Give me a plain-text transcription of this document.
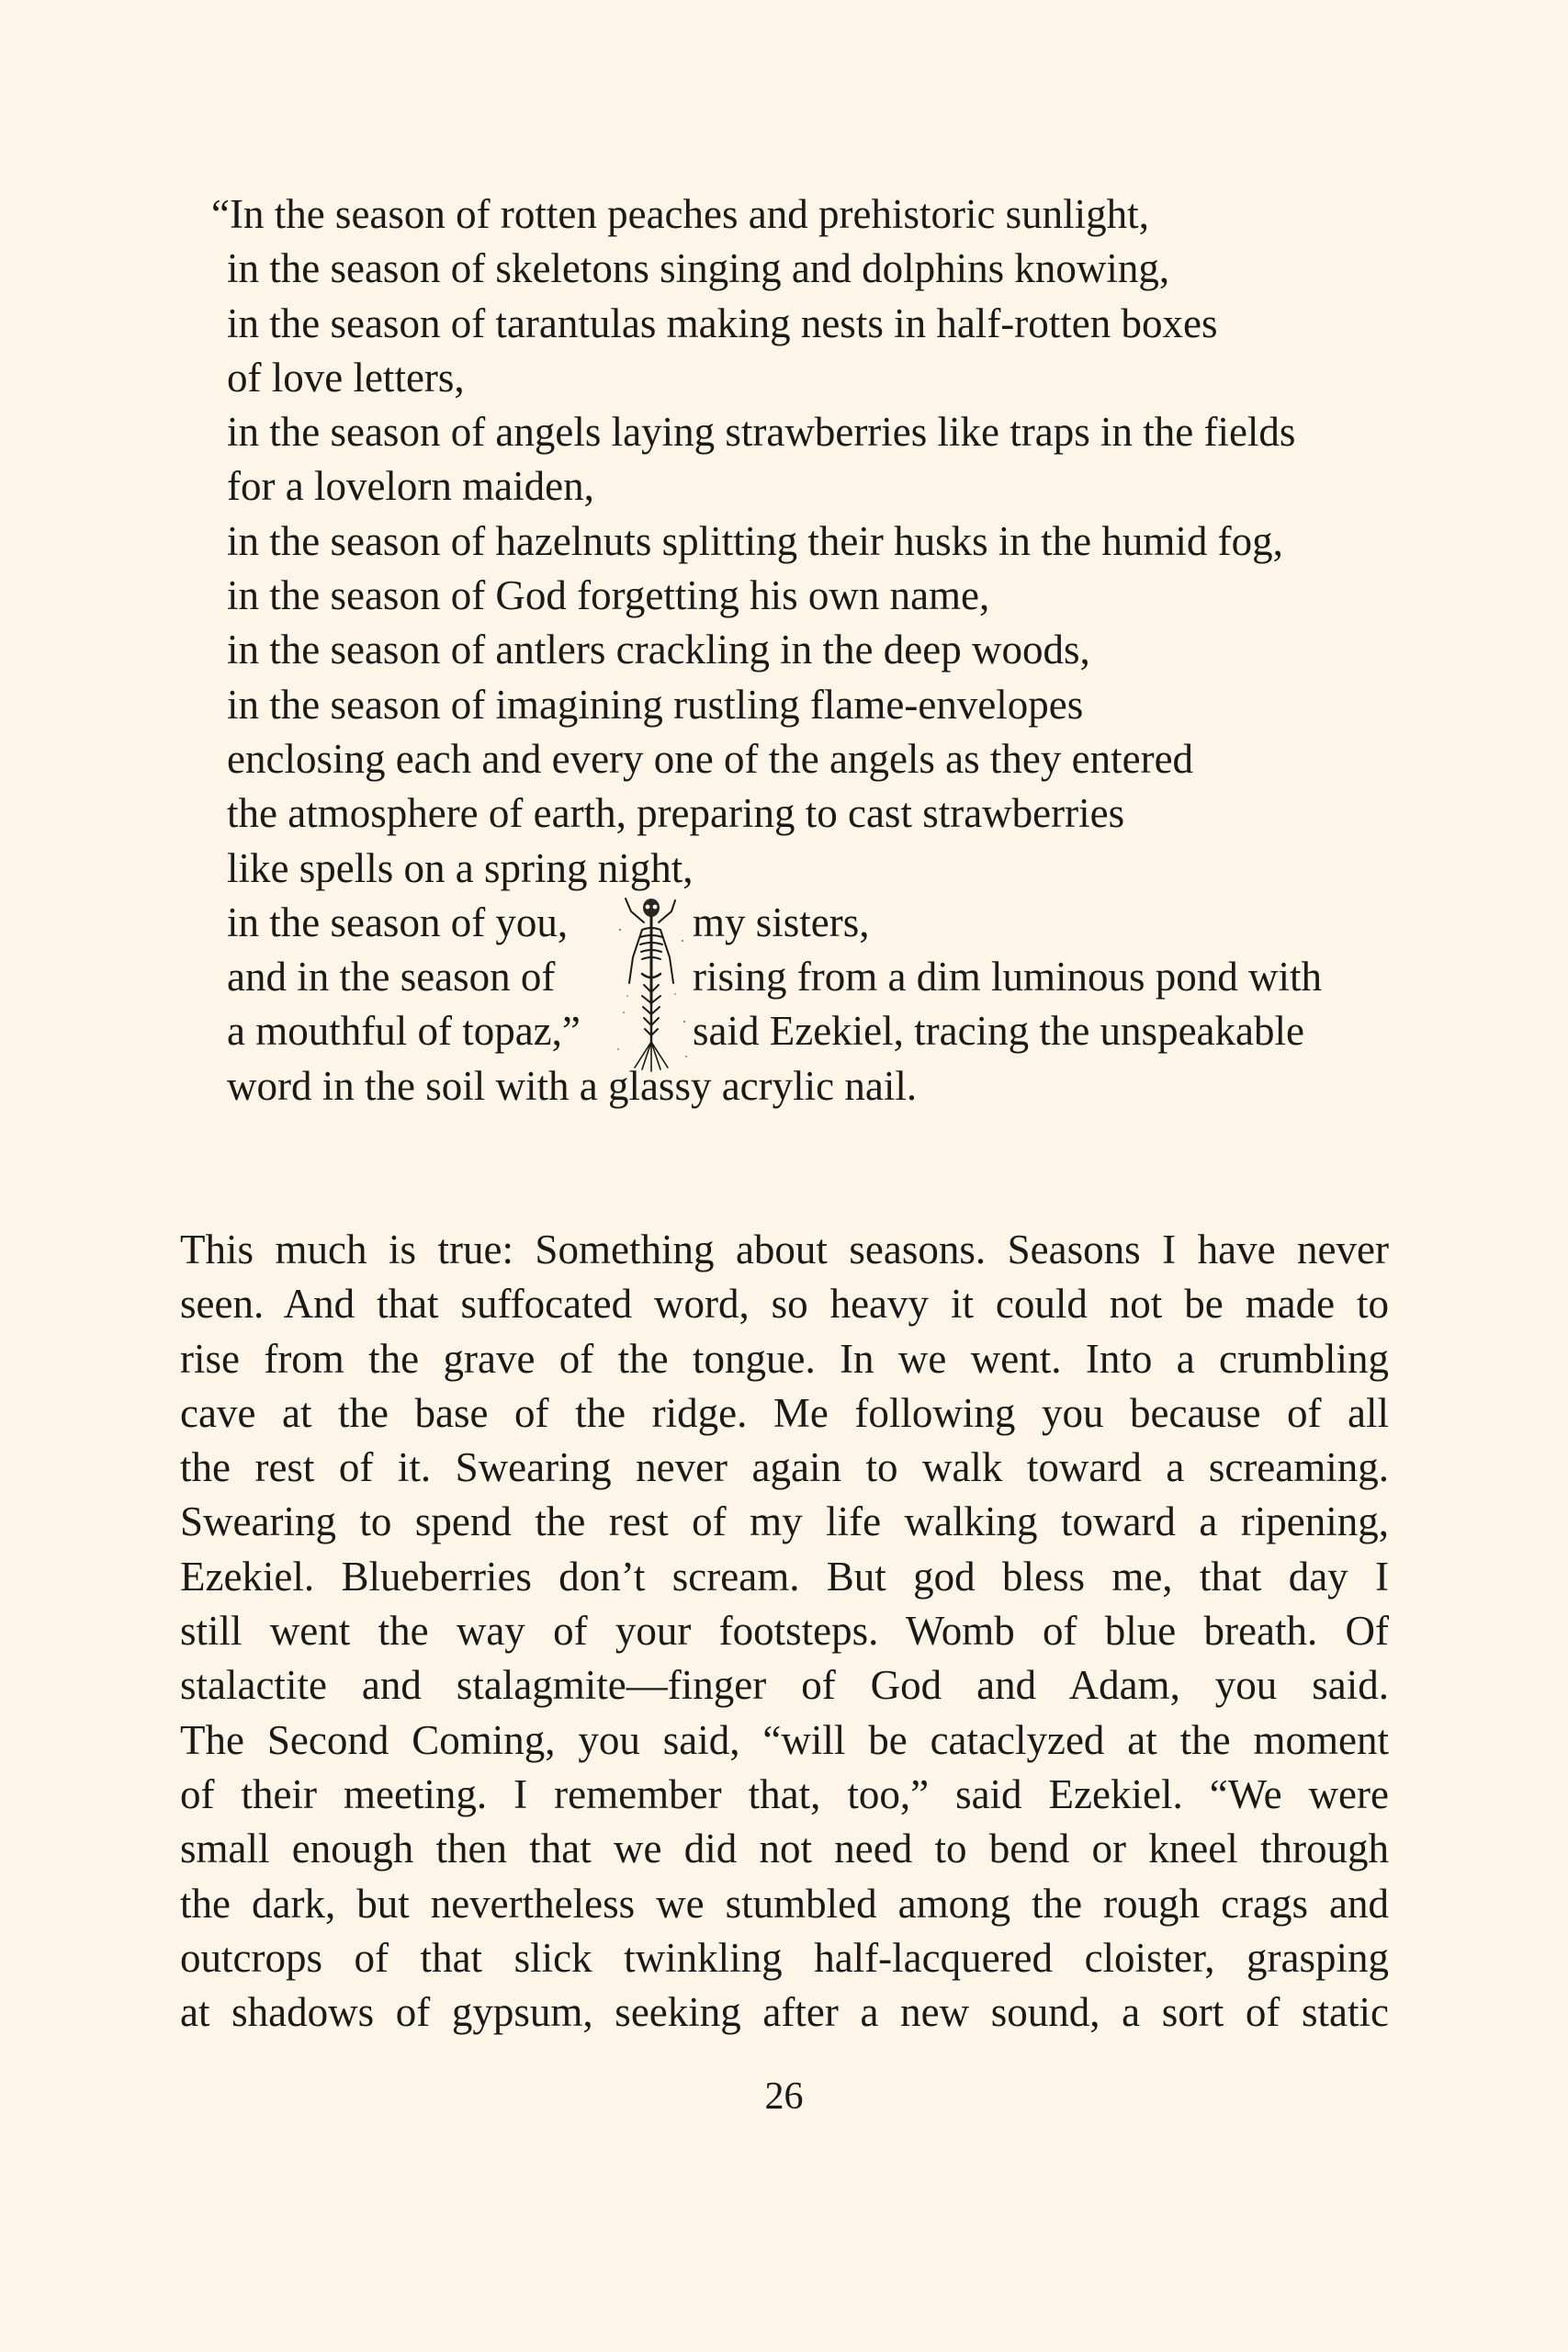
“In the season of rotten peaches and prehistoric sunlight,
in the season of skeletons singing and dolphins knowing,
in the season of tarantulas making nests in half-rotten boxes
of love letters,
in the season of angels laying strawberries like traps in the fields
for a lovelorn maiden,
in the season of hazelnuts splitting their husks in the humid fog,
in the season of God forgetting his own name,
in the season of antlers crackling in the deep woods,
in the season of imagining rustling flame-envelopes
enclosing each and every one of the angels as they entered
the atmosphere of earth, preparing to cast strawberries
like spells on a spring night,
in the season of you,	my sisters,
and in the season of	rising from a dim luminous pond with
a mouthful of topaz,”	said Ezekiel, tracing the unspeakable
word in the soil with a glassy acrylic nail.
This much is true: Something about seasons. Seasons I have never
seen. And that suffocated word, so heavy it could not be made to
rise from the grave of the tongue. In we went. Into a crumbling
cave at the base of the ridge. Me following you because of all
the rest of it. Swearing never again to walk toward a screaming.
Swearing to spend the rest of my life walking toward a ripening,
Ezekiel. Blueberries don’t scream. But god bless me, that day I
still went the way of your footsteps. Womb of blue breath. Of
stalactite and stalagmite—finger of God and Adam, you said.
The Second Coming, you said, “will be cataclyzed at the moment
of their meeting. I remember that, too,” said Ezekiel. “We were
small enough then that we did not need to bend or kneel through
the dark, but nevertheless we stumbled among the rough crags and
outcrops of that slick twinkling half-lacquered cloister, grasping
at shadows of gypsum, seeking after a new sound, a sort of static
26
